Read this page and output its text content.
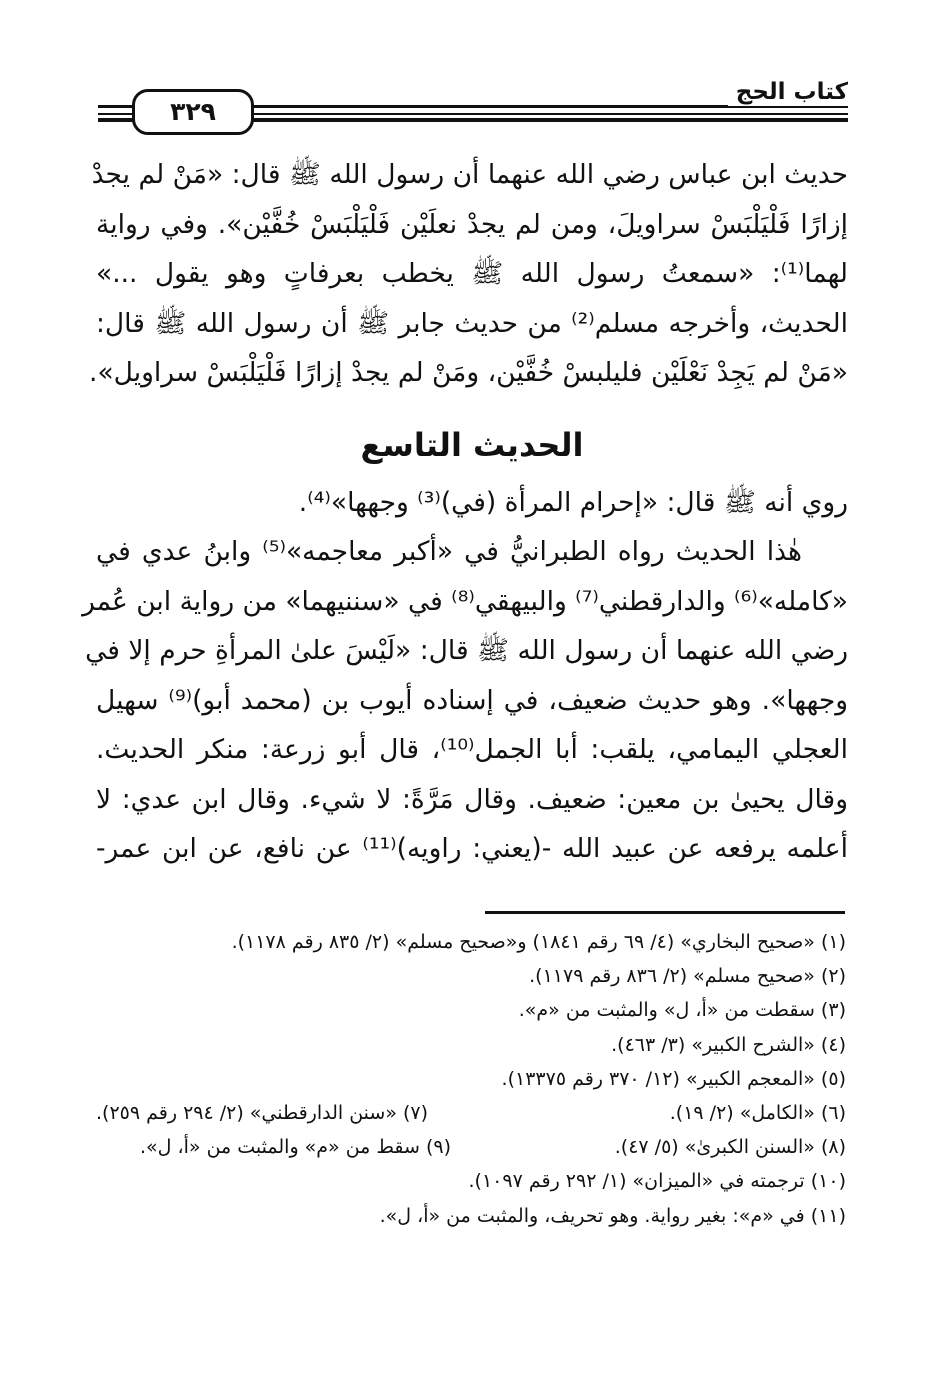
٣٢٩
كتاب الحج
حديث ابن عباس رضي الله عنهما أن رسول الله ﷺ قال: «مَنْ لم يجدْ
إزارًا فَلْيَلْبَسْ سراويلَ، ومن لم يجدْ نعلَيْن فَلْيَلْبَسْ خُفَّيْن». وفي رواية
لهما⁽¹⁾: «سمعتُ رسول الله ﷺ يخطب بعرفاتٍ وهو يقول ...»
الحديث، وأخرجه مسلم⁽²⁾ من حديث جابر ﷺ أن رسول الله ﷺ قال:
«مَنْ لم يَجِدْ نَعْلَيْن فليلبسْ خُفَّيْن، ومَنْ لم يجدْ إزارًا فَلْيَلْبَسْ سراويل».
الحديث التاسع
روي أنه ﷺ قال: «إحرام المرأة (في)⁽³⁾ وجهها»⁽⁴⁾.
هٰذا الحديث رواه الطبرانيُّ في «أكبر معاجمه»⁽⁵⁾ وابنُ عدي في
«كامله»⁽⁶⁾ والدارقطني⁽⁷⁾ والبيهقي⁽⁸⁾ في «سننيهما» من رواية ابن عُمر
رضي الله عنهما أن رسول الله ﷺ قال: «لَيْسَ علىٰ المرأةِ حرم إلا في
وجهها». وهو حديث ضعيف، في إسناده أيوب بن (محمد أبو)⁽⁹⁾ سهيل
العجلي اليمامي، يلقب: أبا الجمل⁽¹⁰⁾، قال أبو زرعة: منكر الحديث.
وقال يحيىٰ بن معين: ضعيف. وقال مَرَّةً: لا شيء. وقال ابن عدي: لا
أعلمه يرفعه عن عبيد الله -(يعني: راويه)⁽¹¹⁾ عن نافع، عن ابن عمر-
(١) «صحيح البخاري» (٤/ ٦٩ رقم ١٨٤١) و«صحيح مسلم» (٢/ ٨٣٥ رقم ١١٧٨).
(٢) «صحيح مسلم» (٢/ ٨٣٦ رقم ١١٧٩).
(٣) سقطت من «أ، ل» والمثبت من «م».
(٤) «الشرح الكبير» (٣/ ٤٦٣).
(٥) «المعجم الكبير» (١٢/ ٣٧٠ رقم ١٣٣٧٥).
(٦) «الكامل» (٢/ ١٩).
(٧) «سنن الدارقطني» (٢/ ٢٩٤ رقم ٢٥٩).
(٨) «السنن الكبرىٰ» (٥/ ٤٧).
(٩) سقط من «م» والمثبت من «أ، ل».
(١٠) ترجمته في «الميزان» (١/ ٢٩٢ رقم ١٠٩٧).
(١١) في «م»: بغير رواية. وهو تحريف، والمثبت من «أ، ل».
